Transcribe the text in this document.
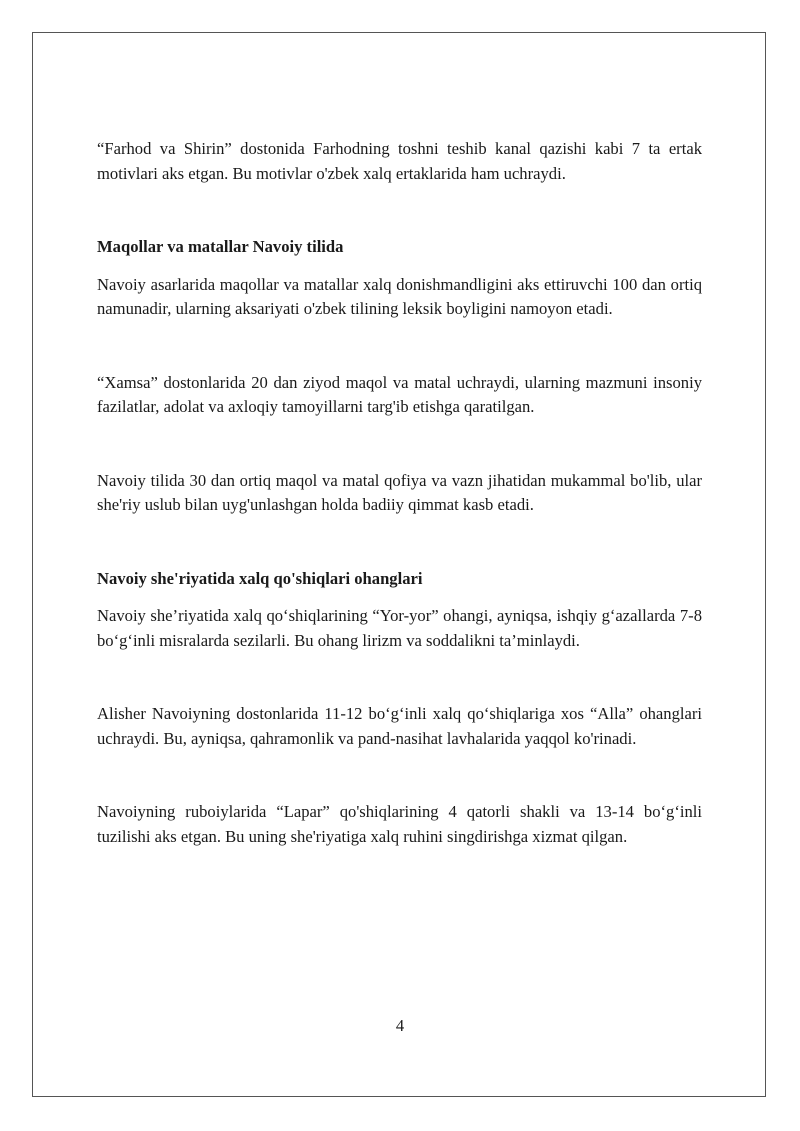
“Farhod va Shirin” dostonida Farhodning toshni teshib kanal qazishi kabi 7 ta ertak motivlari aks etgan. Bu motivlar o'zbek xalq ertaklarida ham uchraydi.

Maqollar va matallar Navoiy tilida

Navoiy asarlarida maqollar va matallar xalq donishmandligini aks ettiruvchi 100 dan ortiq namunadir, ularning aksariyati o'zbek tilining leksik boyligini namoyon etadi.

“Xamsa” dostonlarida 20 dan ziyod maqol va matal uchraydi, ularning mazmuni insoniy fazilatlar, adolat va axloqiy tamoyillarni targ'ib etishga qaratilgan.

Navoiy tilida 30 dan ortiq maqol va matal qofiya va vazn jihatidan mukammal bo'lib, ular she'riy uslub bilan uyg'unlashgan holda badiiy qimmat kasb etadi.

Navoiy she'riyatida xalq qo'shiqlari ohanglari

Navoiy she’riyatida xalq qo‘shiqlarining “Yor-yor” ohangi, ayniqsa, ishqiy g‘azallarda 7-8 bo‘g‘inli misralarda sezilarli. Bu ohang lirizm va soddalikni ta’minlaydi.

Alisher Navoiyning dostonlarida 11-12 bo‘g‘inli xalq qo‘shiqlariga xos “Alla” ohanglari uchraydi. Bu, ayniqsa, qahramonlik va pand-nasihat lavhalarida yaqqol ko'rinadi.

Navoiyning ruboiylarida “Lapar” qo'shiqlarining 4 qatorli shakli va 13-14 bo‘g‘inli tuzilishi aks etgan. Bu uning she'riyatiga xalq ruhini singdirishga xizmat qilgan.

4
